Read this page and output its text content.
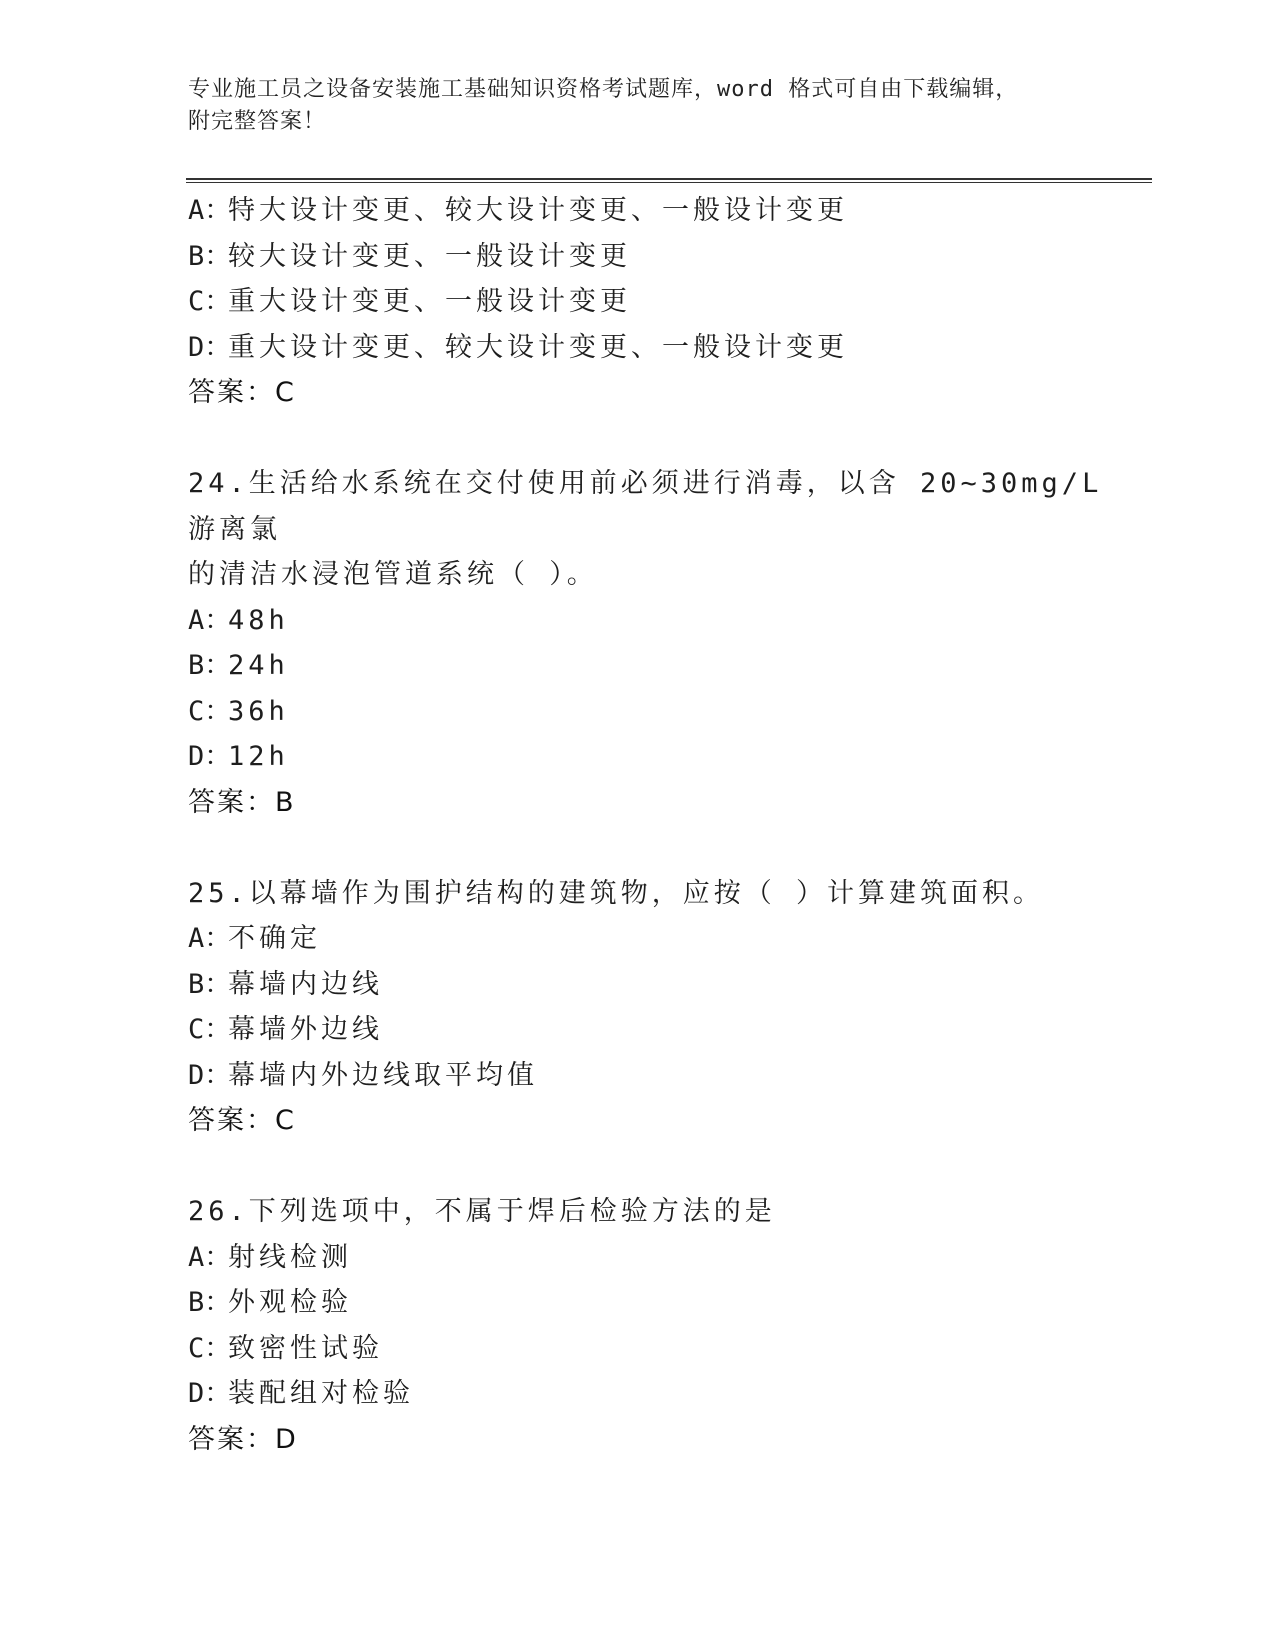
专业施工员之设备安装施工基础知识资格考试题库，word 格式可自由下载编辑，
附完整答案！
A：特大设计变更、较大设计变更、一般设计变更
B：较大设计变更、一般设计变更
C：重大设计变更、一般设计变更
D：重大设计变更、较大设计变更、一般设计变更
答案：C
24.生活给水系统在交付使用前必须进行消毒，以含 20~30mg/L 游离氯
的清洁水浸泡管道系统（ ）。
A：48h
B：24h
C：36h
D：12h
答案：B
25.以幕墙作为围护结构的建筑物，应按（ ）计算建筑面积。
A：不确定
B：幕墙内边线
C：幕墙外边线
D：幕墙内外边线取平均值
答案：C
26.下列选项中，不属于焊后检验方法的是
A：射线检测
B：外观检验
C：致密性试验
D：装配组对检验
答案：D
